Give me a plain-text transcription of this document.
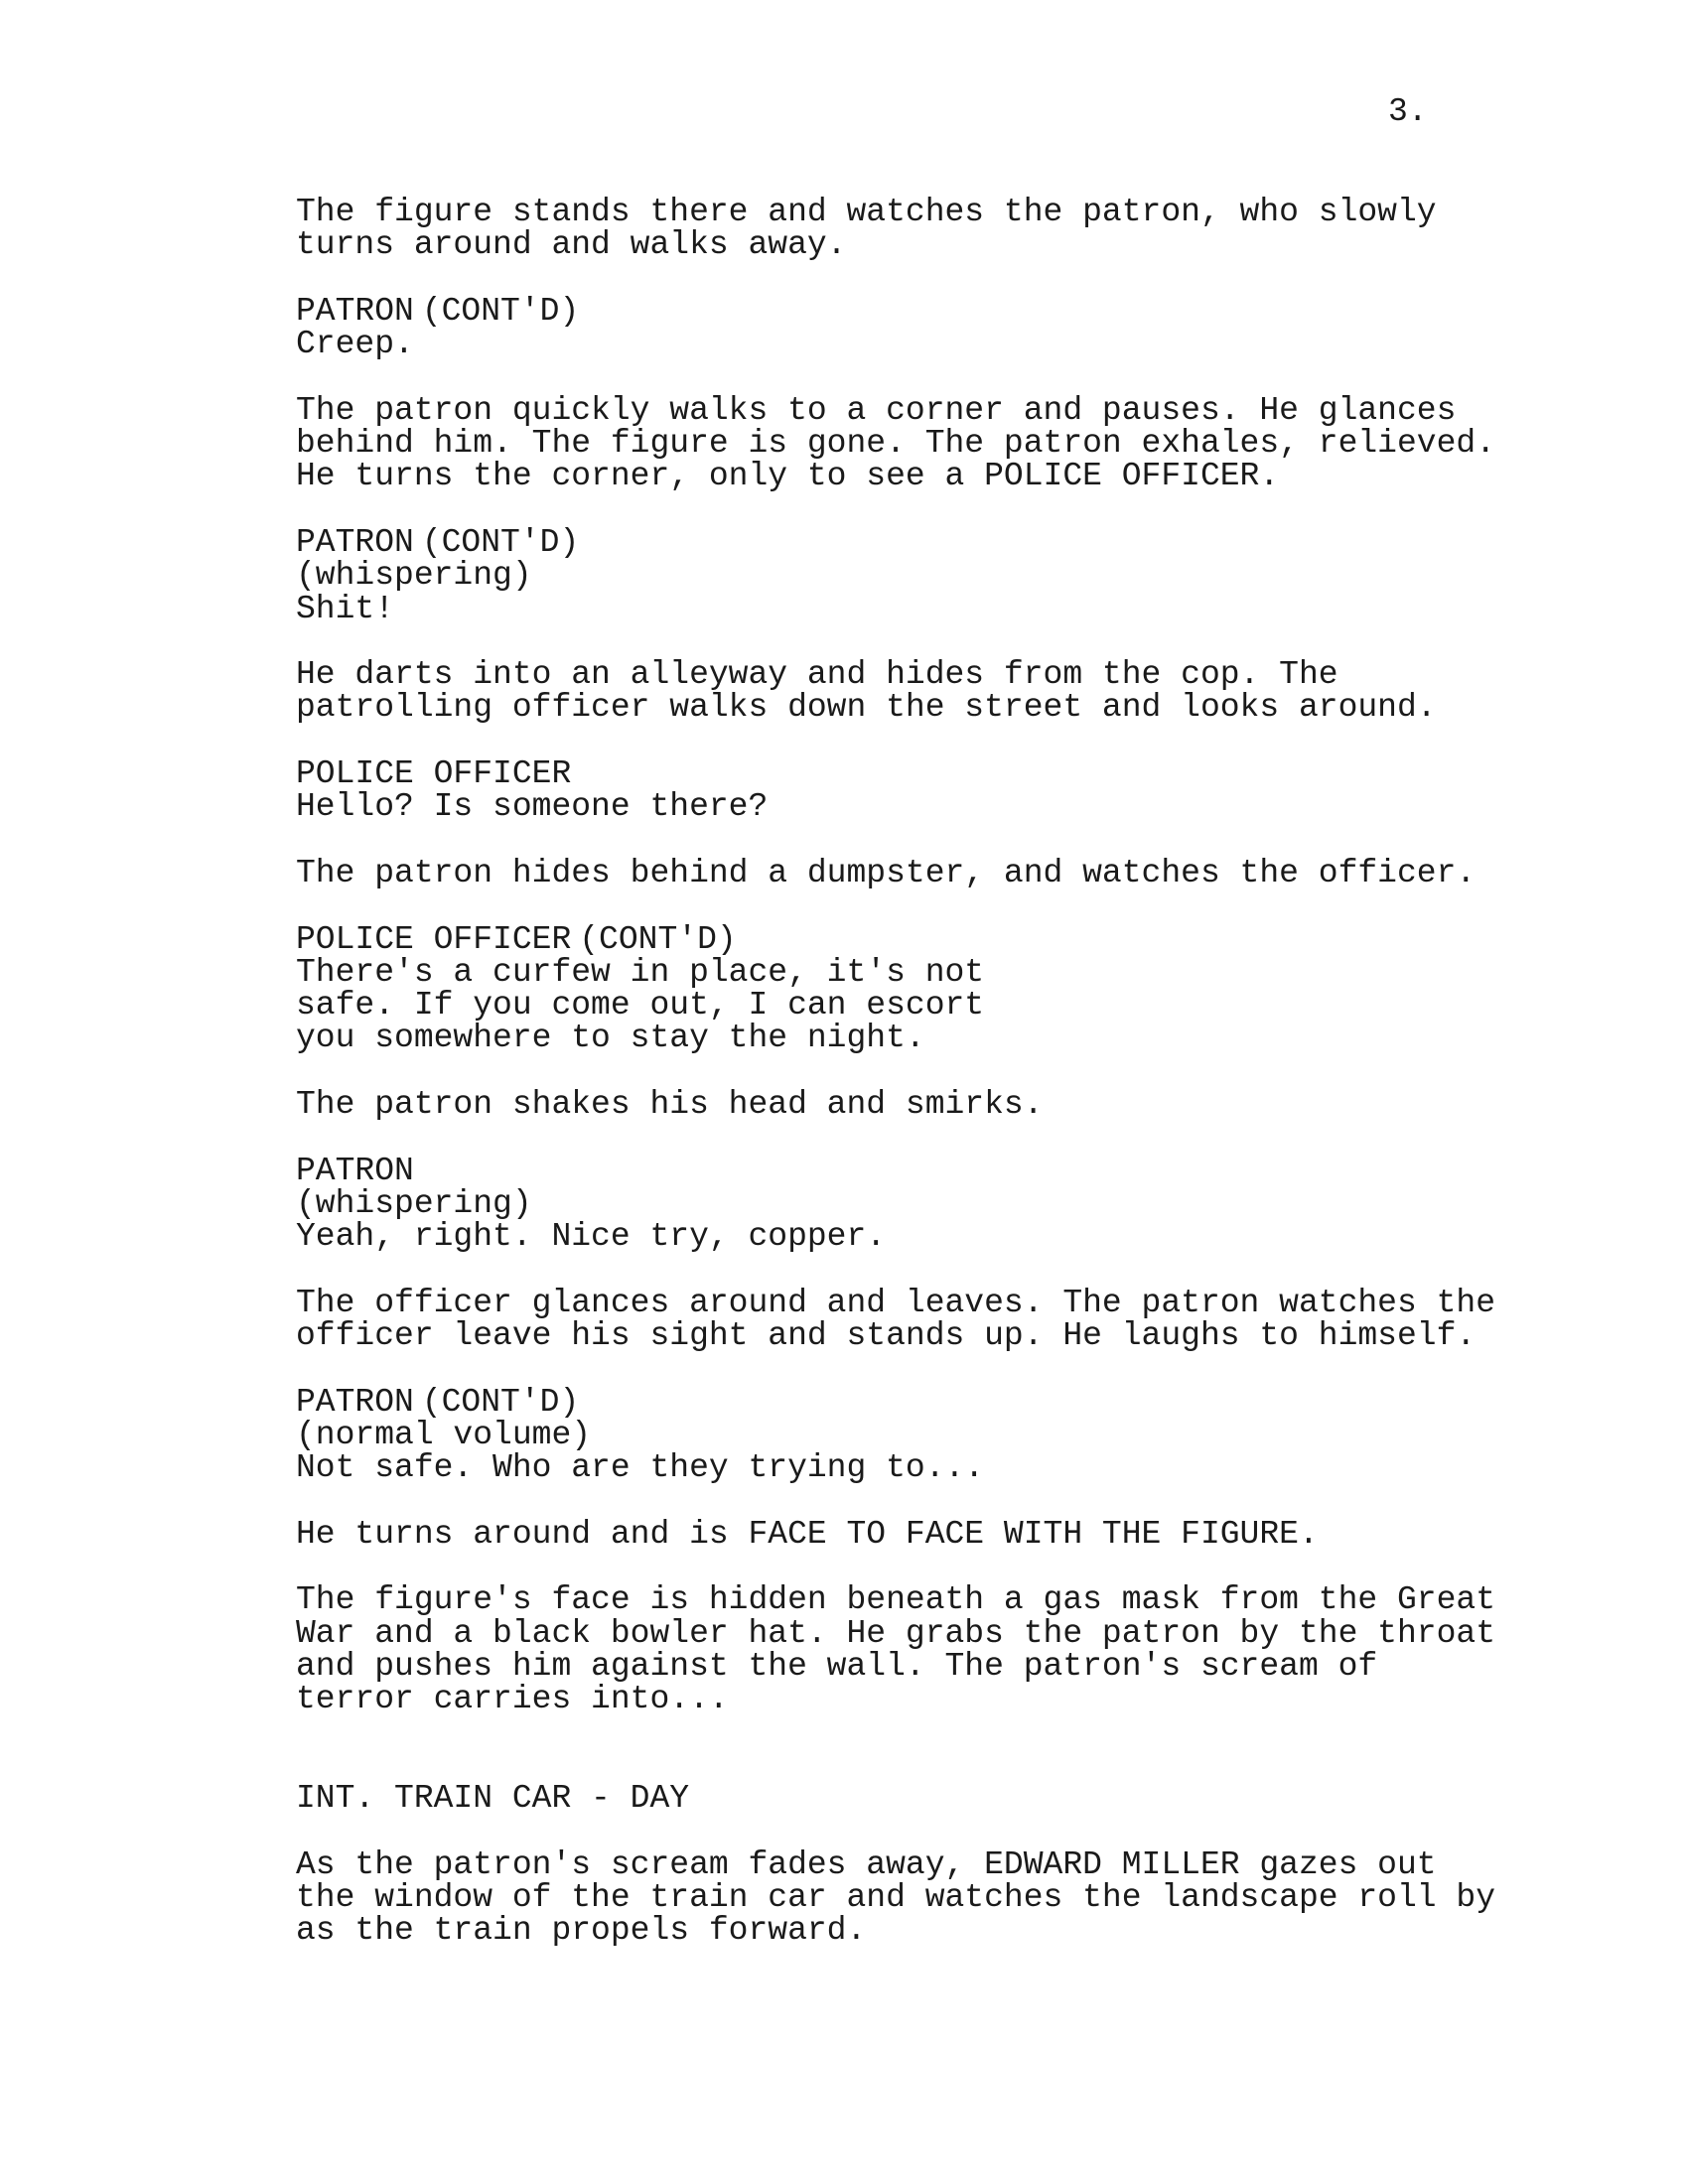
3.

The figure stands there and watches the patron, who slowly
turns around and walks away.

PATRON (CONT'D)

Creep.

The patron quickly walks to a corner and pauses. He glances
behind him. The figure is gone. The patron exhales, relieved.
He turns the corner, only to see a POLICE OFFICER.

PATRON (CONT'D)

(whispering)

Shit!

He darts into an alleyway and hides from the cop. The
patrolling officer walks down the street and looks around.

POLICE OFFICER

Hello? Is someone there?

The patron hides behind a dumpster, and watches the officer.

POLICE OFFICER (CONT'D)

There's a curfew in place, it's not
safe. If you come out, I can escort
you somewhere to stay the night.

The patron shakes his head and smirks.

PATRON

(whispering)

Yeah, right. Nice try, copper.

The officer glances around and leaves. The patron watches the
officer leave his sight and stands up. He laughs to himself.

PATRON (CONT'D)

(normal volume)

Not safe. Who are they trying to...

He turns around and is FACE TO FACE WITH THE FIGURE.

The figure's face is hidden beneath a gas mask from the Great
War and a black bowler hat. He grabs the patron by the throat
and pushes him against the wall. The patron's scream of
terror carries into...

INT. TRAIN CAR - DAY

As the patron's scream fades away, EDWARD MILLER gazes out
the window of the train car and watches the landscape roll by
as the train propels forward.
